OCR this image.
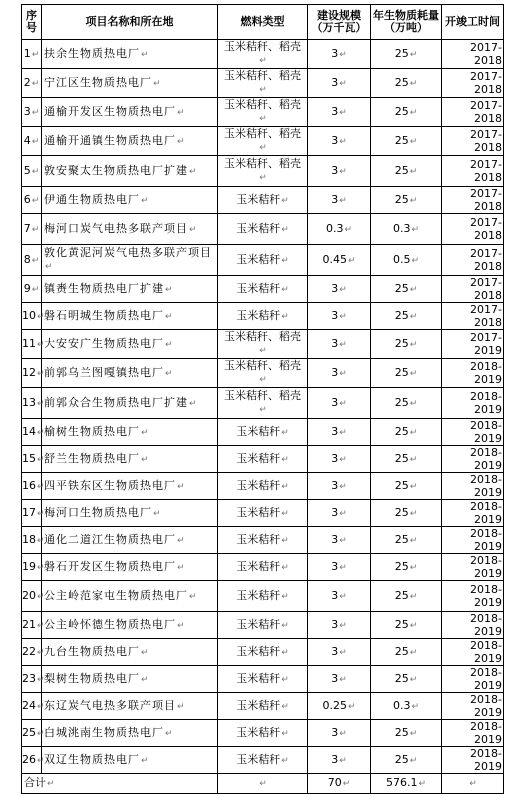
序号	项目名称和所在地	燃料类型	建设规模（万千瓦）	年生物质耗量（万吨）	开竣工时间
1↵	扶余生物质热电厂↵	玉米秸秆、稻壳↵	3↵	25↵	2017-2018
2↵	宁江区生物质热电厂↵	玉米秸秆、稻壳↵	3↵	25↵	2017-2018
3↵	通榆开发区生物质热电厂↵	玉米秸秆、稻壳↵	3↵	25↵	2017-2018
4↵	通榆开通镇生物质热电厂↵	玉米秸秆、稻壳↵	3↵	25↵	2017-2018
5↵	敦安聚太生物质热电厂扩建↵	玉米秸秆、稻壳↵	3↵	25↵	2017-2018
6↵	伊通生物质热电厂↵	玉米秸秆↵	3↵	25↵	2017-2018
7↵	梅河口炭气电热多联产项目↵	玉米秸秆↵	0.3↵	0.3↵	2017-2018
8↵	敦化黄泥河炭气电热多联产项目↵	玉米秸秆↵	0.45↵	0.5↵	2017-2018
9↵	镇赉生物质热电厂扩建↵	玉米秸秆↵	3↵	25↵	2017-2018
10↵	磐石明城生物质热电厂↵	玉米秸秆↵	3↵	25↵	2017-2018
11↵	大安安广生物质热电厂↵	玉米秸秆、稻壳↵	3↵	25↵	2017-2019
12↵	前郭乌兰图嘎镇热电厂↵	玉米秸秆、稻壳↵	3↵	25↵	2018-2019
13↵	前郭众合生物质热电厂扩建↵	玉米秸秆、稻壳↵	3↵	25↵	2018-2019
14↵	榆树生物质热电厂↵	玉米秸秆↵	3↵	25↵	2018-2019
15↵	舒兰生物质热电厂↵	玉米秸秆↵	3↵	25↵	2018-2019
16↵	四平铁东区生物质热电厂↵	玉米秸秆↵	3↵	25↵	2018-2019
17↵	梅河口生物质热电厂↵	玉米秸秆↵	3↵	25↵	2018-2019
18↵	通化二道江生物质热电厂↵	玉米秸秆↵	3↵	25↵	2018-2019
19↵	磐石开发区生物质热电厂↵	玉米秸秆↵	3↵	25↵	2018-2019
20↵	公主岭范家屯生物质热电厂↵	玉米秸秆↵	3↵	25↵	2018-2019
21↵	公主岭怀德生物质热电厂↵	玉米秸秆↵	3↵	25↵	2018-2019
22↵	九台生物质热电厂↵	玉米秸秆↵	3↵	25↵	2018-2019
23↵	梨树生物质热电厂↵	玉米秸秆↵	3↵	25↵	2018-2019
24↵	东辽炭气电热多联产项目↵	玉米秸秆↵	0.25↵	0.3↵	2018-2019
25↵	白城洮南生物质热电厂↵	玉米秸秆↵	3↵	25↵	2018-2019
26↵	双辽生物质热电厂↵	玉米秸秆↵	3↵	25↵	2018-2019
合计↵		↵	70↵	576.1↵	↵
